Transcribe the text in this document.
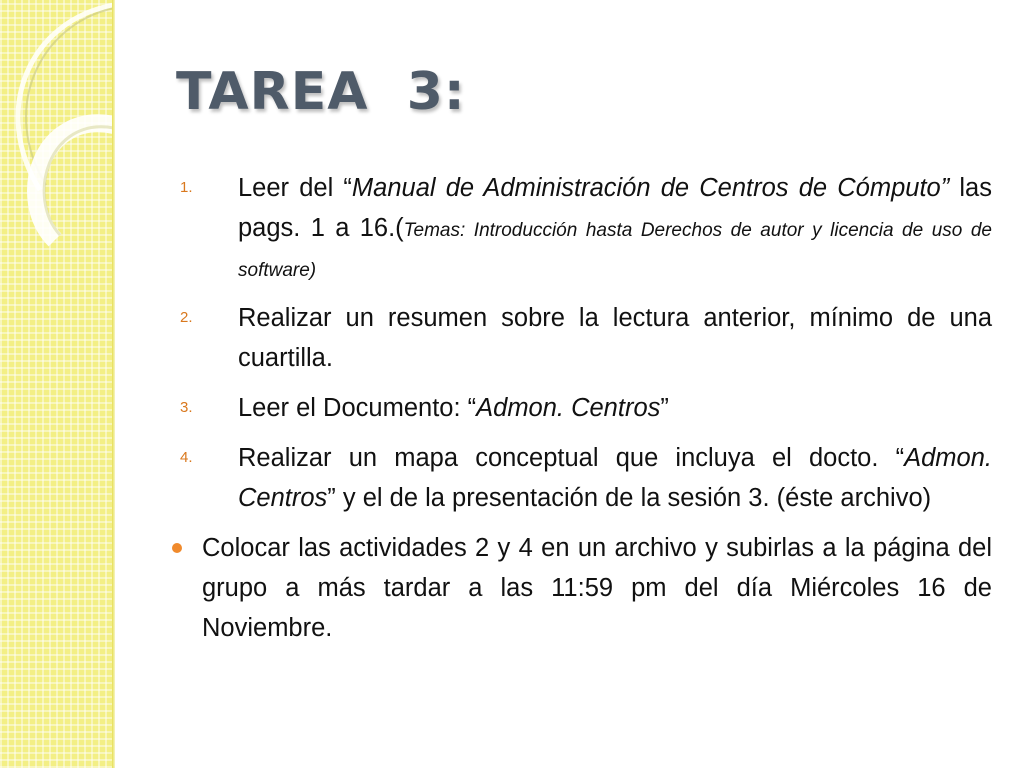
TAREA  3:
1. Leer del “Manual de Administración de Centros de Cómputo” las pags. 1 a 16.(Temas: Introducción hasta Derechos de autor y licencia de uso de software)
2. Realizar un resumen sobre la lectura anterior, mínimo de una cuartilla.
3. Leer el Documento: “Admon. Centros”
4. Realizar un mapa conceptual que incluya el docto. “Admon. Centros” y el de la presentación de la sesión 3. (éste archivo)
Colocar las actividades 2 y 4 en un archivo y subirlas a la página del grupo a más tardar a las 11:59 pm del día Miércoles 16 de Noviembre.
